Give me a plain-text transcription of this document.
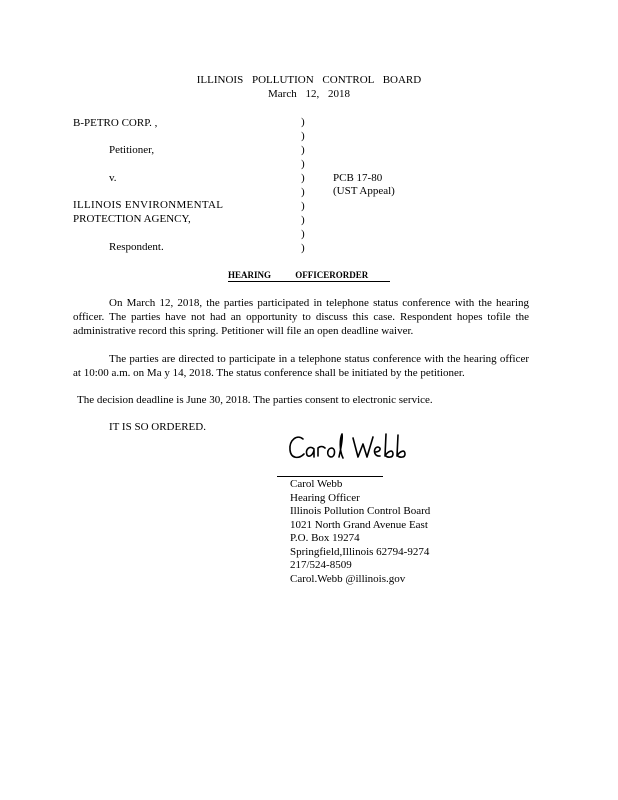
ILLINOIS POLLUTION CONTROL BOARD
March 12, 2018
B-PETRO CORP. ,
Petitioner,
v.
ILLINOIS ENVIRONMENTAL
PROTECTION AGENCY,
Respondent.
)
)
)
)
)
)
)
)
)
)
PCB 17-80
(UST Appeal)
HEARING OFFICERORDER
On March 12, 2018, the parties participated in telephone status conference with the hearing officer. The parties have not had an opportunity to discuss this case. Respondent hopes tofile the administrative record this spring. Petitioner will file an open deadline waiver.
The parties are directed to participate in a telephone status conference with the hearing officer at 10:00 a.m. on Ma y 14, 2018. The status conference shall be initiated by the petitioner.
The decision deadline is June 30, 2018. The parties consent to electronic service.
IT IS SO ORDERED.
Carol Webb
Hearing Officer
Illinois Pollution Control Board
1021 North Grand Avenue East
P.O. Box 19274
Springfield,Illinois 62794-9274
217/524-8509
Carol.Webb @illinois.gov
